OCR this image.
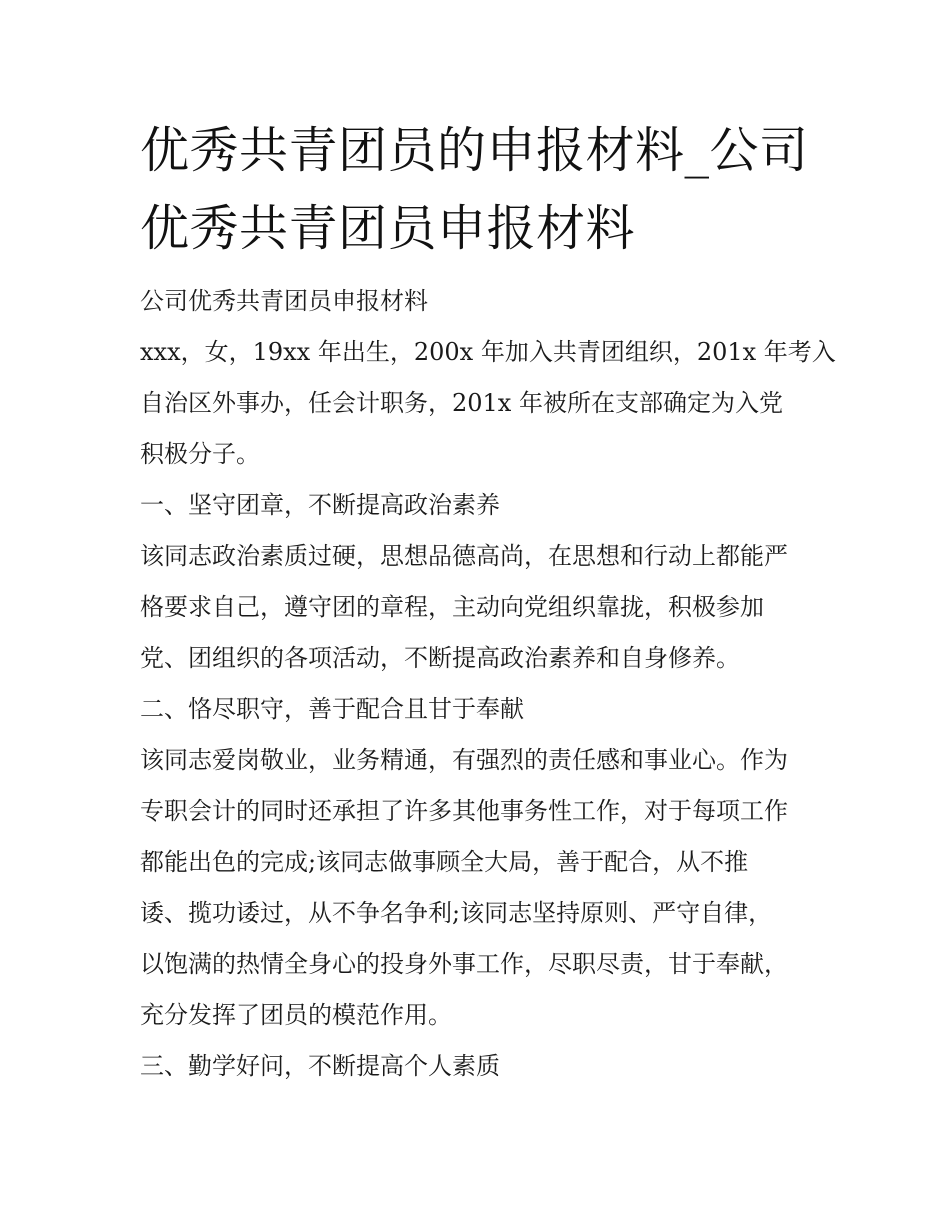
优秀共青团员的申报材料_公司
优秀共青团员申报材料
公司优秀共青团员申报材料
xxx，女，19xx 年出生，200x 年加入共青团组织，201x 年考入
自治区外事办，任会计职务，201x 年被所在支部确定为入党
积极分子。
一、坚守团章，不断提高政治素养
该同志政治素质过硬，思想品德高尚，在思想和行动上都能严
格要求自己，遵守团的章程，主动向党组织靠拢，积极参加
党、团组织的各项活动，不断提高政治素养和自身修养。
二、恪尽职守，善于配合且甘于奉献
该同志爱岗敬业，业务精通，有强烈的责任感和事业心。作为
专职会计的同时还承担了许多其他事务性工作，对于每项工作
都能出色的完成;该同志做事顾全大局，善于配合，从不推
诿、揽功诿过，从不争名争利;该同志坚持原则、严守自律，
以饱满的热情全身心的投身外事工作，尽职尽责，甘于奉献，
充分发挥了团员的模范作用。
三、勤学好问，不断提高个人素质
